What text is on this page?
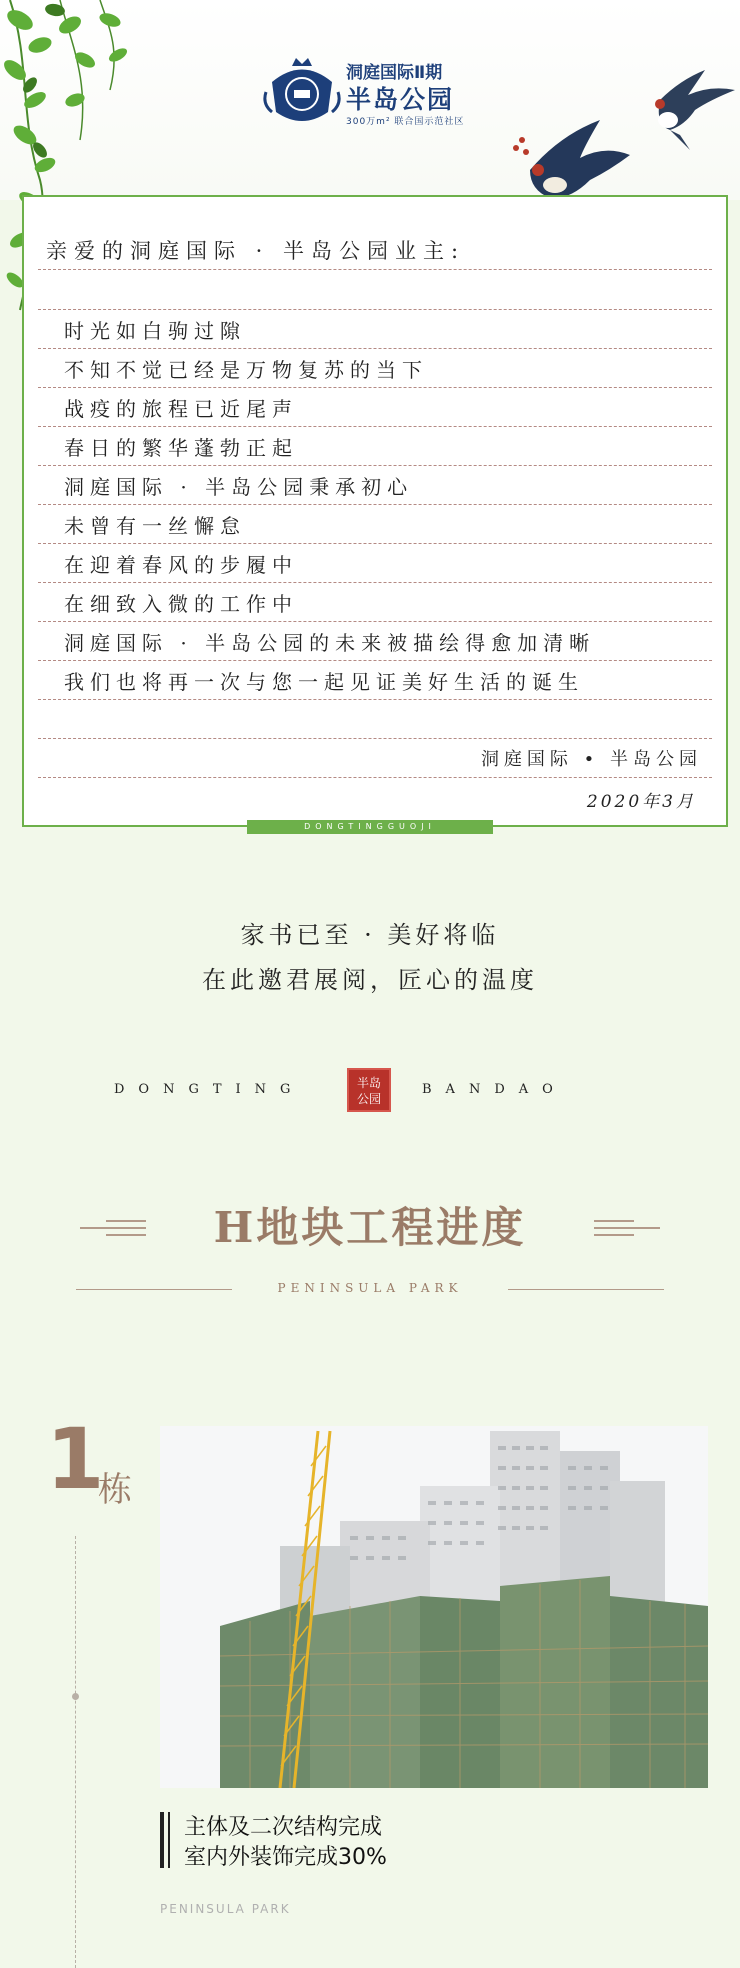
洞庭国际Ⅱ期
半岛公园
300万m² 联合国示范社区
亲爱的洞庭国际 · 半岛公园业主:
时光如白驹过隙
不知不觉已经是万物复苏的当下
战疫的旅程已近尾声
春日的繁华蓬勃正起
洞庭国际 · 半岛公园秉承初心
未曾有一丝懈怠
在迎着春风的步履中
在细致入微的工作中
洞庭国际 · 半岛公园的未来被描绘得愈加清晰
我们也将再一次与您一起见证美好生活的诞生
洞庭国际 • 半岛公园
2020年3月
DONGTINGGUOJI
家书已至 · 美好将临
在此邀君展阅，匠心的温度
DONGTING	半岛
公园
BANDAO
H地块工程进度
PENINSULA PARK
1
栋
主体及二次结构完成
室内外装饰完成30%
PENINSULA PARK
